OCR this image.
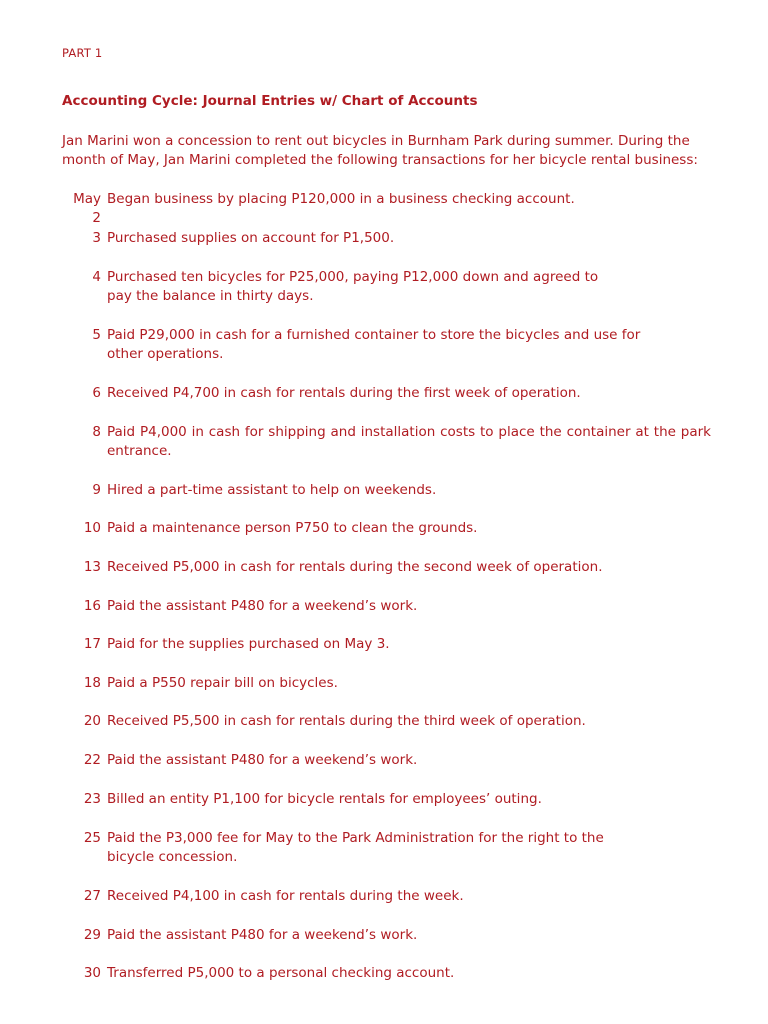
PART 1
Accounting Cycle: Journal Entries w/ Chart of Accounts

Jan Marini won a concession to rent out bicycles in Burnham Park during summer. During the month of May, Jan Marini completed the following transactions for her bicycle rental business:

May 2
Began business by placing P120,000 in a business checking account.
3 Purchased supplies on account for P1,500.
4 Purchased ten bicycles for P25,000, paying P12,000 down and agreed to pay the balance in thirty days.
5 Paid P29,000 in cash for a furnished container to store the bicycles and use for other operations.
6 Received P4,700 in cash for rentals during the first week of operation.
8 Paid P4,000 in cash for shipping and installation costs to place the container at the park entrance.
9 Hired a part-time assistant to help on weekends.
10 Paid a maintenance person P750 to clean the grounds.
13 Received P5,000 in cash for rentals during the second week of operation.
16 Paid the assistant P480 for a weekend’s work.
17 Paid for the supplies purchased on May 3.
18 Paid a P550 repair bill on bicycles.
20 Received P5,500 in cash for rentals during the third week of operation.
22 Paid the assistant P480 for a weekend’s work.
23 Billed an entity P1,100 for bicycle rentals for employees’ outing.
25 Paid the P3,000 fee for May to the Park Administration for the right to the bicycle concession.
27 Received P4,100 in cash for rentals during the week.
29 Paid the assistant P480 for a weekend’s work.
30 Transferred P5,000 to a personal checking account.
